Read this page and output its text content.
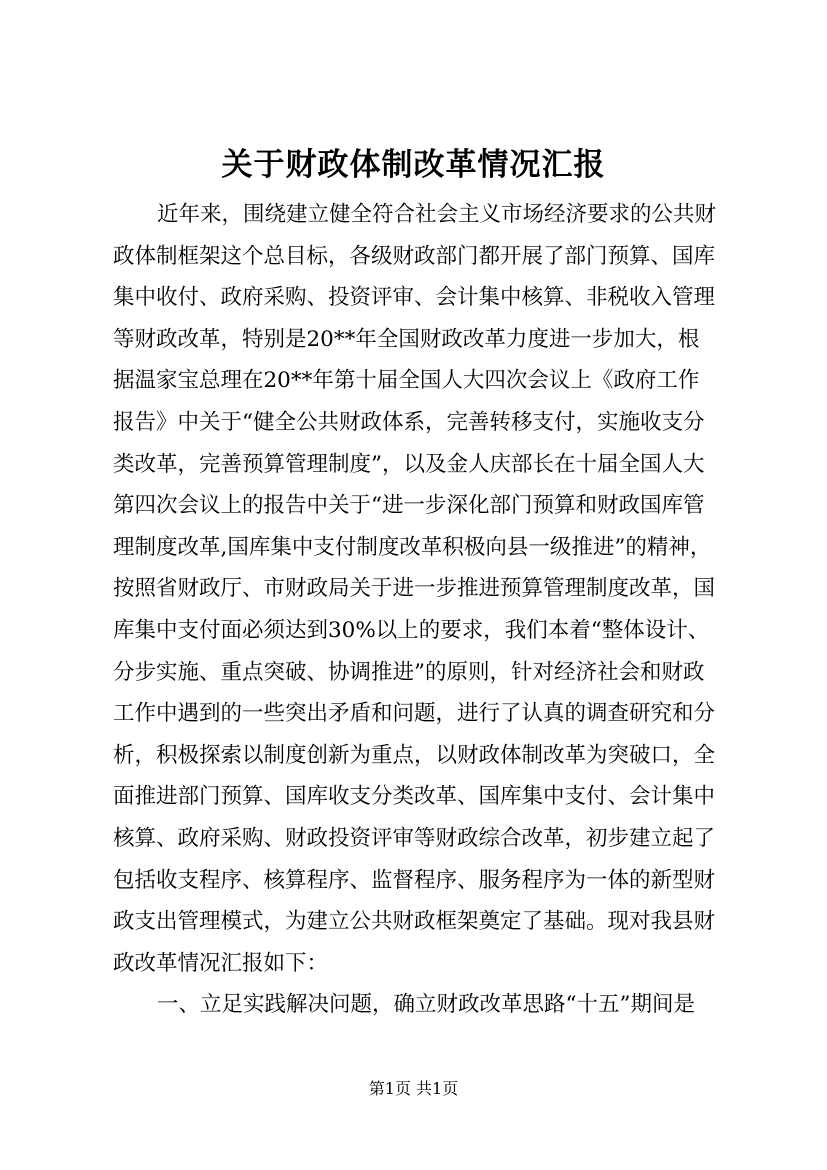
关于财政体制改革情况汇报
近年来，围绕建立健全符合社会主义市场经济要求的公共财
政体制框架这个总目标，各级财政部门都开展了部门预算、国库
集中收付、政府采购、投资评审、会计集中核算、非税收入管理
等财政改革，特别是20**年全国财政改革力度进一步加大，根
据温家宝总理在20**年第十届全国人大四次会议上《政府工作
报告》中关于“健全公共财政体系，完善转移支付，实施收支分
类改革，完善预算管理制度”，以及金人庆部长在十届全国人大
第四次会议上的报告中关于“进一步深化部门预算和财政国库管
理制度改革,国库集中支付制度改革积极向县一级推进”的精神，
按照省财政厅、市财政局关于进一步推进预算管理制度改革，国
库集中支付面必须达到30%以上的要求，我们本着“整体设计、
分步实施、重点突破、协调推进”的原则，针对经济社会和财政
工作中遇到的一些突出矛盾和问题，进行了认真的调查研究和分
析，积极探索以制度创新为重点，以财政体制改革为突破口，全
面推进部门预算、国库收支分类改革、国库集中支付、会计集中
核算、政府采购、财政投资评审等财政综合改革，初步建立起了
包括收支程序、核算程序、监督程序、服务程序为一体的新型财
政支出管理模式，为建立公共财政框架奠定了基础。现对我县财
政改革情况汇报如下：
一、立足实践解决问题，确立财政改革思路“十五”期间是
第1页 共1页
